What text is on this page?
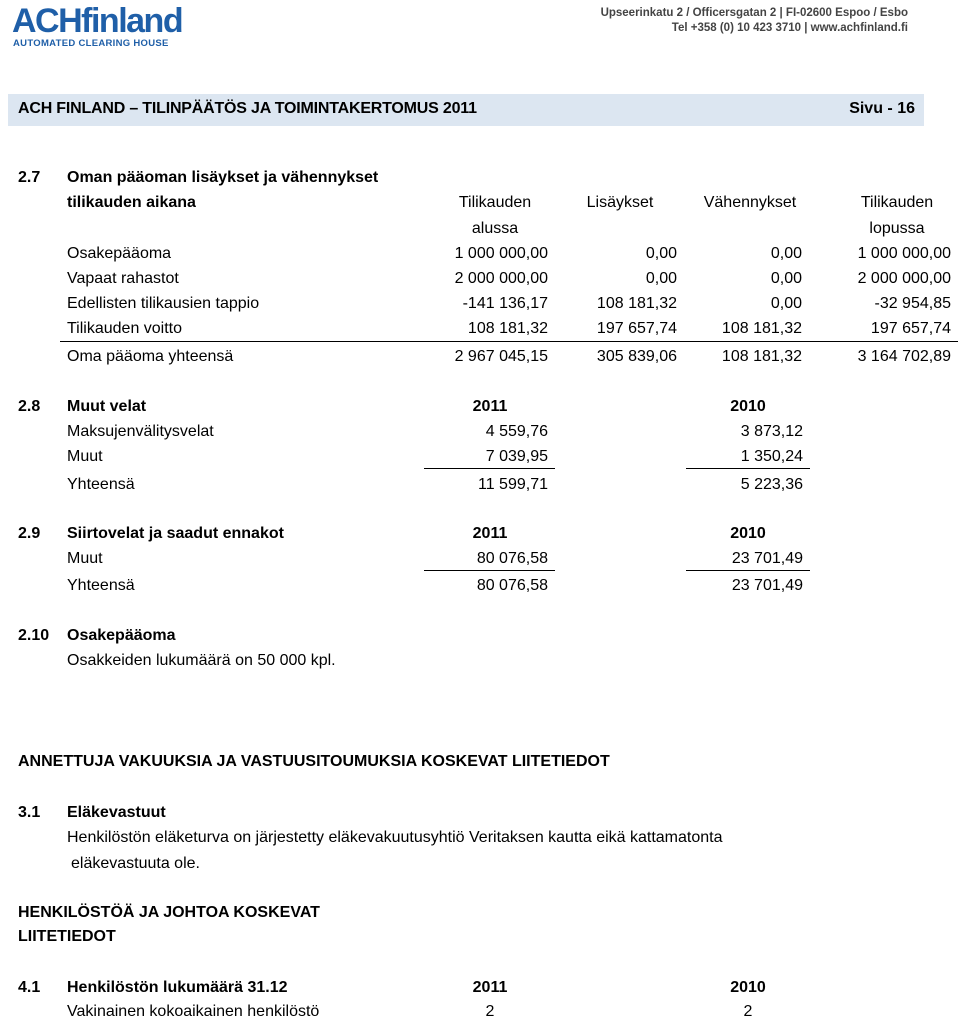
ACHfinland
AUTOMATED CLEARING HOUSE
Upseerinkatu 2 / Officersgatan 2 | FI-02600 Espoo / Esbo
Tel +358 (0) 10 423 3710 | www.achfinland.fi
ACH FINLAND – TILINPÄÄTÖS JA TOIMINTAKERTOMUS 2011	Sivu - 16
2.7 Oman pääoman lisäykset ja vähennykset
tilikauden aikana	Tilikauden
alussa
Lisäykset	Vähennykset	Tilikauden
lopussa
Osakepääoma	1 000 000,00	0,00	0,00	1 000 000,00
Vapaat rahastot	2 000 000,00	0,00	0,00	2 000 000,00
Edellisten tilikausien tappio	-141 136,17	108 181,32	0,00	-32 954,85
Tilikauden voitto	108 181,32	197 657,74	108 181,32	197 657,74
Oma pääoma yhteensä	2 967 045,15	305 839,06	108 181,32	3 164 702,89
2.8 Muut velat	2011	2010
Maksujenvälitysvelat	4 559,76	3 873,12
Muut	7 039,95	1 350,24
Yhteensä	11 599,71	5 223,36
2.9 Siirtovelat ja saadut ennakot	2011	2010
Muut	80 076,58	23 701,49
Yhteensä	80 076,58	23 701,49
2.10 Osakepääoma
Osakkeiden lukumäärä on 50 000 kpl.
ANNETTUJA VAKUUKSIA JA VASTUUSITOUMUKSIA KOSKEVAT LIITETIEDOT
3.1 Eläkevastuut
Henkilöstön eläketurva on järjestetty eläkevakuutusyhtiö Veritaksen kautta eikä kattamatonta
eläkevastuuta ole.
HENKILÖSTÖÄ JA JOHTOA KOSKEVAT
LIITETIEDOT
4.1 Henkilöstön lukumäärä 31.12	2011	2010
Vakinainen kokoaikainen henkilöstö	2	2
